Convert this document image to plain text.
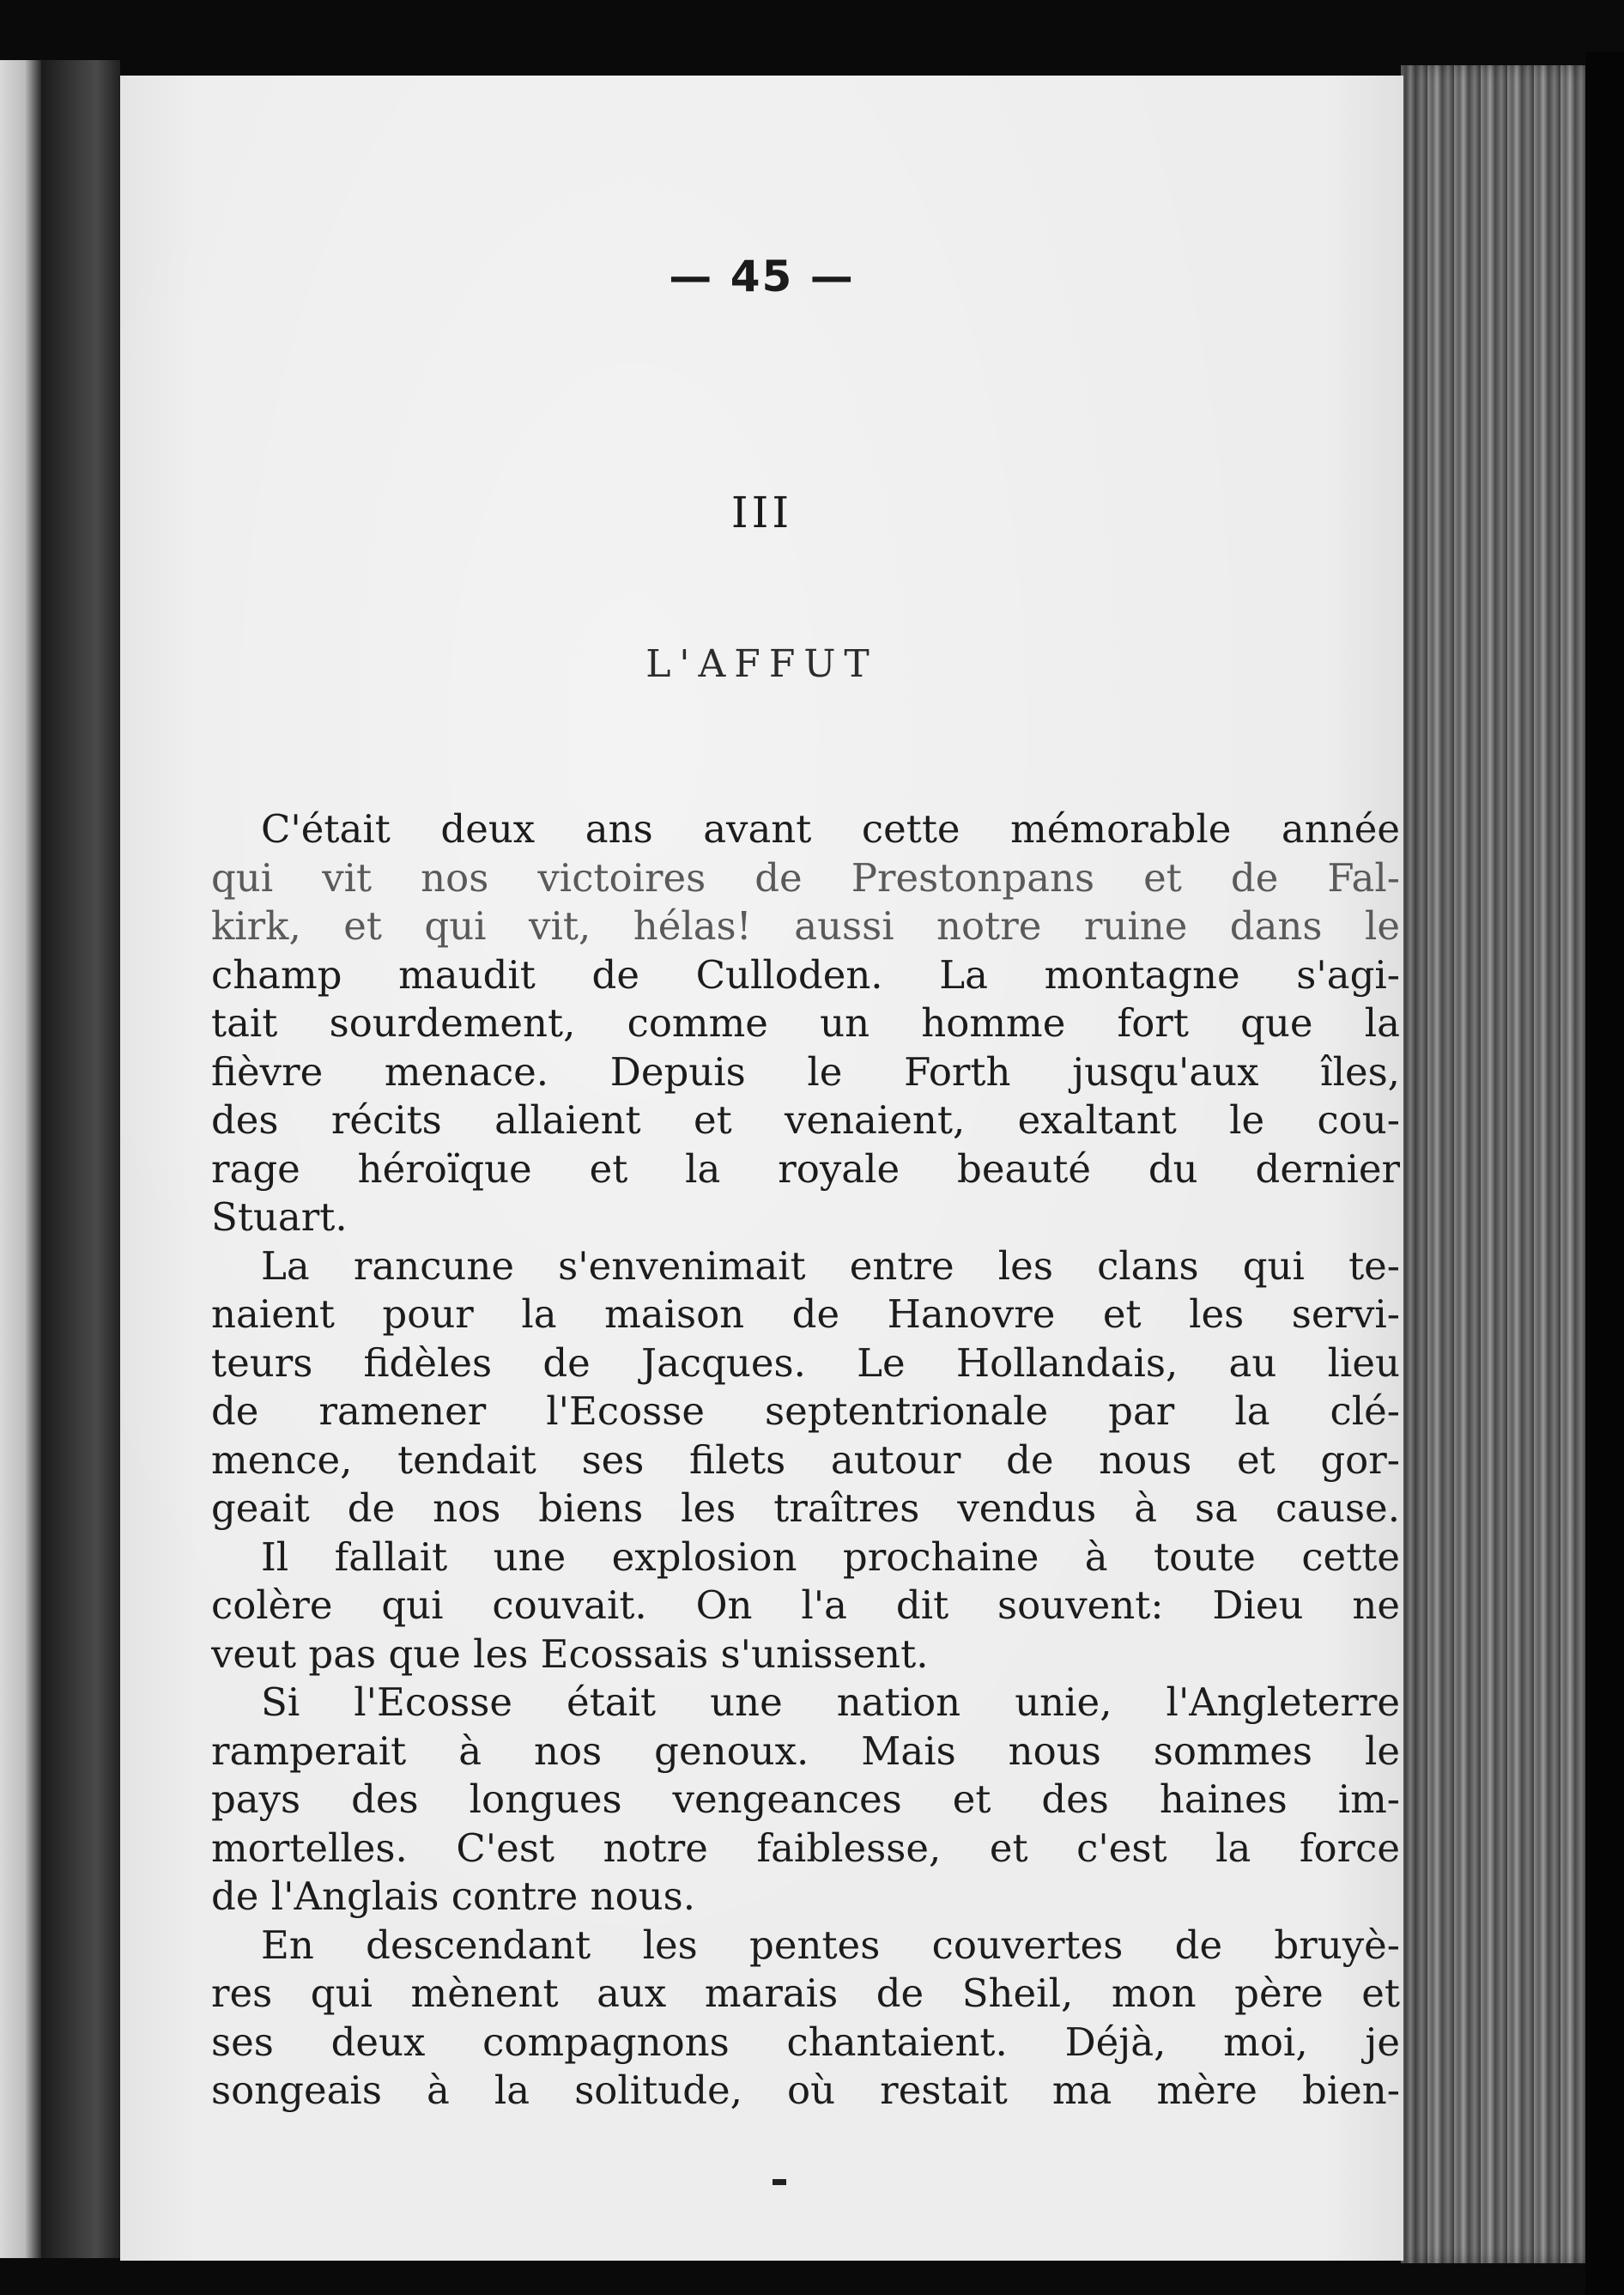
— 45 —
III
L'AFFUT
C'était deux ans avant cette mémorable année
qui vit nos victoires de Prestonpans et de Fal-
kirk, et qui vit, hélas! aussi notre ruine dans le
champ maudit de Culloden. La montagne s'agi-
tait sourdement, comme un homme fort que la
fièvre menace. Depuis le Forth jusqu'aux îles,
des récits allaient et venaient, exaltant le cou-
rage héroïque et la royale beauté du dernier
Stuart.
La rancune s'envenimait entre les clans qui te-
naient pour la maison de Hanovre et les servi-
teurs fidèles de Jacques. Le Hollandais, au lieu
de ramener l'Ecosse septentrionale par la clé-
mence, tendait ses filets autour de nous et gor-
geait de nos biens les traîtres vendus à sa cause.
Il fallait une explosion prochaine à toute cette
colère qui couvait. On l'a dit souvent: Dieu ne
veut pas que les Ecossais s'unissent.
Si l'Ecosse était une nation unie, l'Angleterre
ramperait à nos genoux. Mais nous sommes le
pays des longues vengeances et des haines im-
mortelles. C'est notre faiblesse, et c'est la force
de l'Anglais contre nous.
En descendant les pentes couvertes de bruyè-
res qui mènent aux marais de Sheil, mon père et
ses deux compagnons chantaient. Déjà, moi, je
songeais à la solitude, où restait ma mère bien-
